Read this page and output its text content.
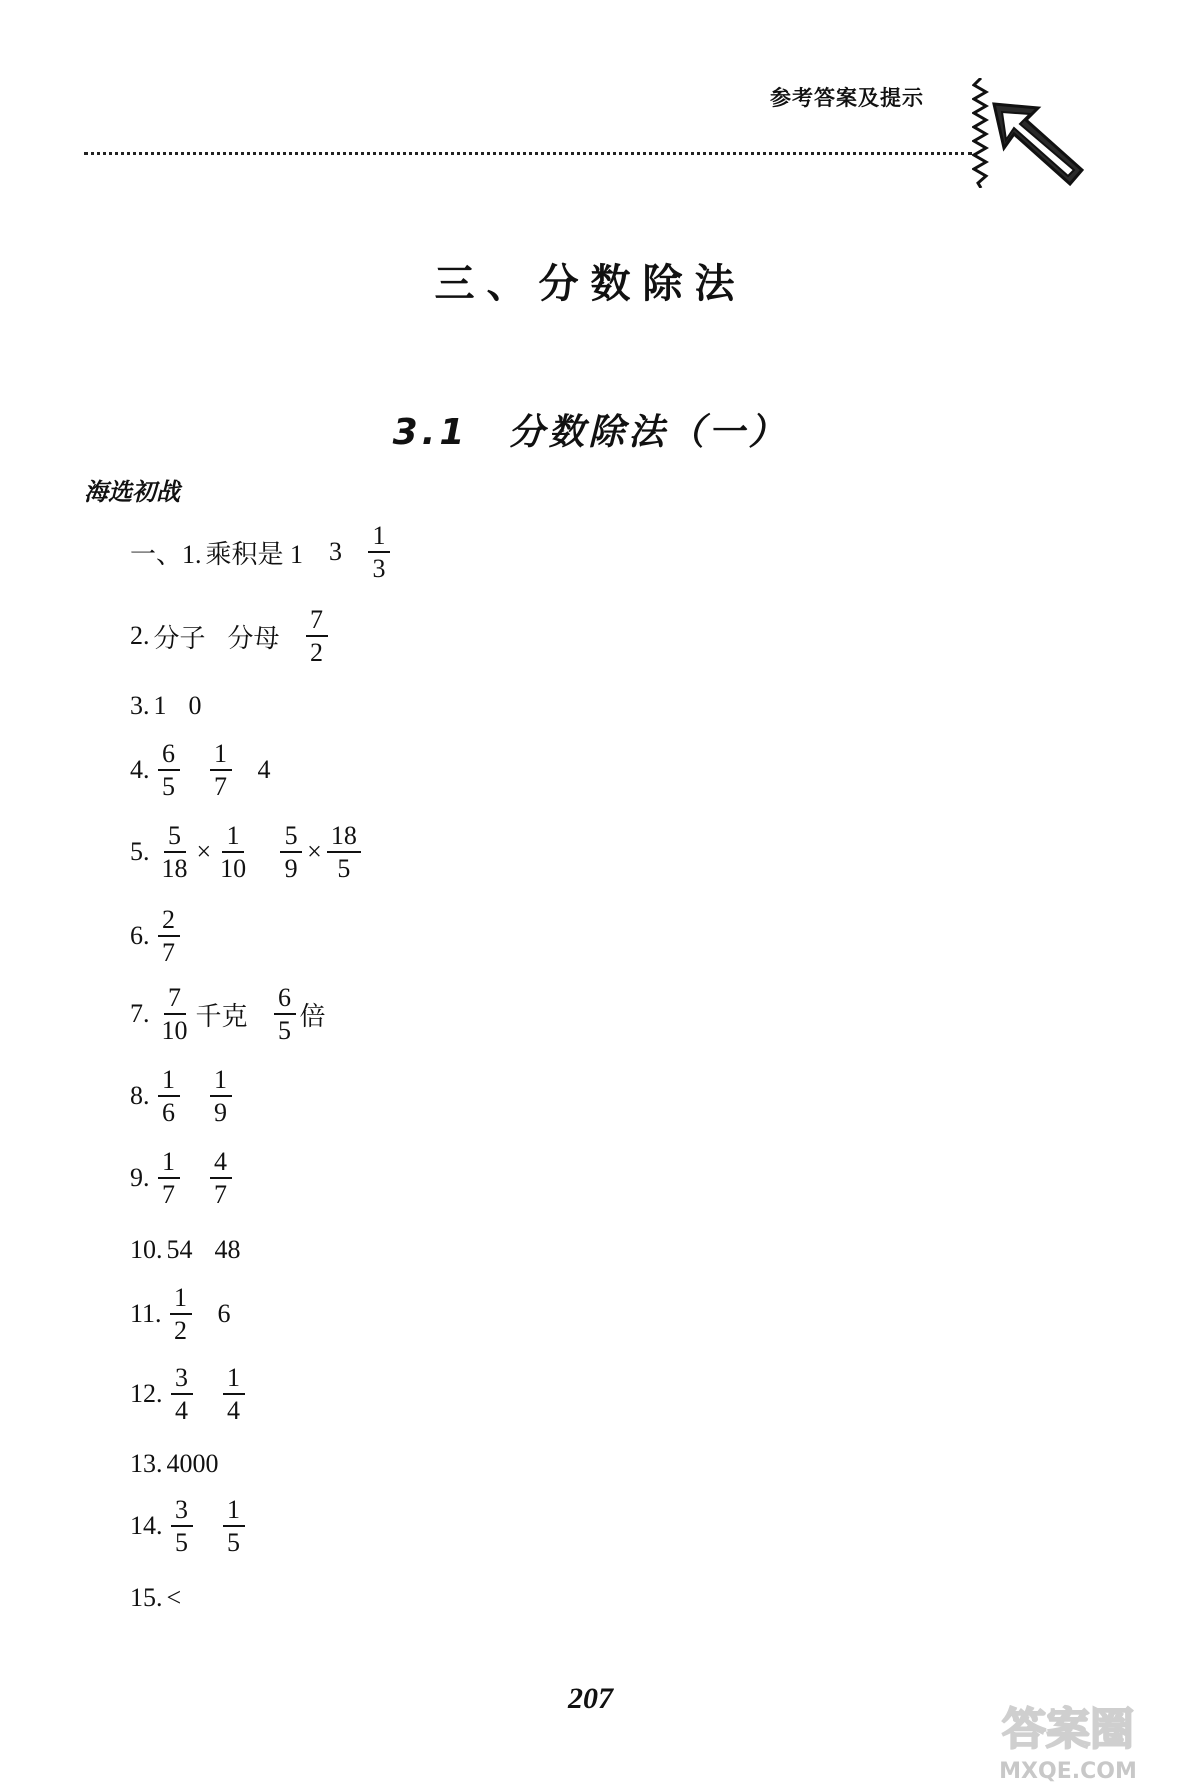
参考答案及提示
三、分数除法
3.1　分数除法（一）
海选初战
一、1. 乘积是 1 $3 \frac{1}{3}$
2. 分子 分母 $\frac{7}{2}$
3. 1 0
4. $\frac{6}{5} \frac{1}{7} 4$
5. $\frac{5}{18} \times \frac{1}{10} \frac{5}{9} \times \frac{18}{5}$
6. $\frac{2}{7}$
7. $\frac{7}{10}$ 千克 $\frac{6}{5}$ 倍
8. $\frac{1}{6} \frac{1}{9}$
9. $\frac{1}{7} \frac{4}{7}$
10. 54 48
11. $\frac{1}{2} 6$
12. $\frac{3}{4} \frac{1}{4}$
13. 4000
14. $\frac{3}{5} \frac{1}{5}$
15. <
207
答案圈
MXQE.COM
